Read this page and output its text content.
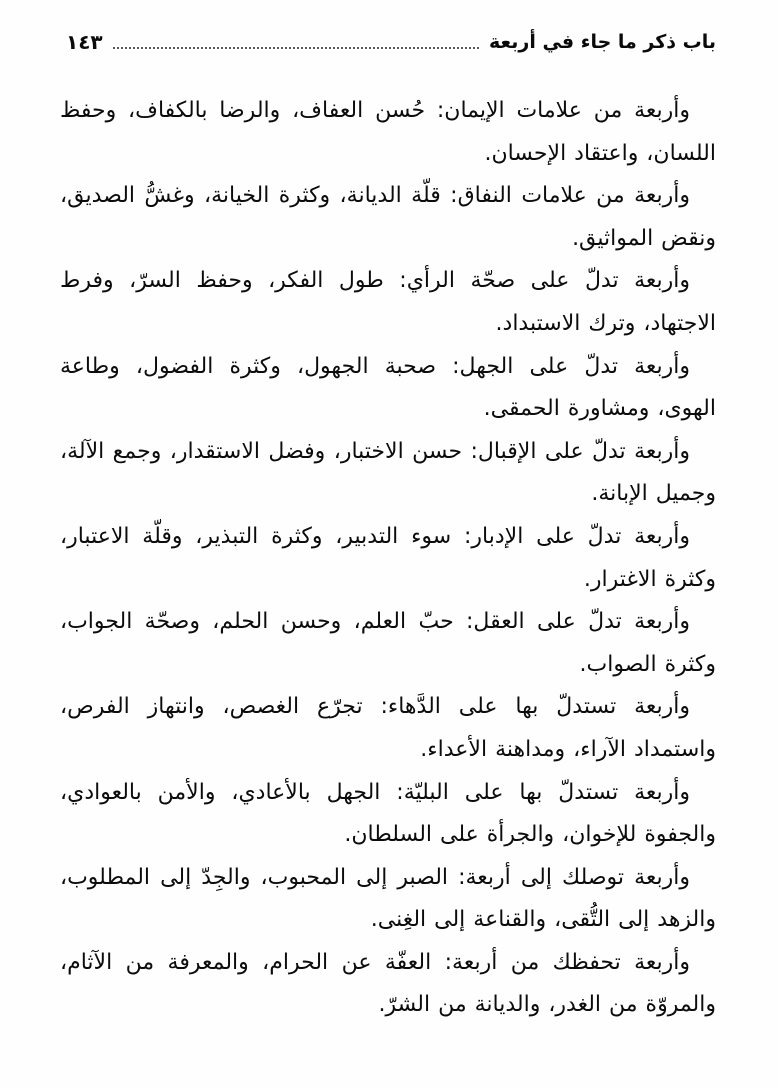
باب ذكر ما جاء في أربعة
١٤٣

وأربعة من علامات الإيمان: حُسن العفاف، والرضا بالكفاف، وحفظ اللسان، واعتقاد الإحسان.

وأربعة من علامات النفاق: قلّة الديانة، وكثرة الخيانة، وغشُّ الصديق، ونقض المواثيق.

وأربعة تدلّ على صحّة الرأي: طول الفكر، وحفظ السرّ، وفرط الاجتهاد، وترك الاستبداد.

وأربعة تدلّ على الجهل: صحبة الجهول، وكثرة الفضول، وطاعة الهوى، ومشاورة الحمقى.

وأربعة تدلّ على الإقبال: حسن الاختبار، وفضل الاستقدار، وجمع الآلة، وجميل الإبانة.

وأربعة تدلّ على الإدبار: سوء التدبير، وكثرة التبذير، وقلّة الاعتبار، وكثرة الاغترار.

وأربعة تدلّ على العقل: حبّ العلم، وحسن الحلم، وصحّة الجواب، وكثرة الصواب.

وأربعة تستدلّ بها على الدَّهاء: تجرّع الغصص، وانتهاز الفرص، واستمداد الآراء، ومداهنة الأعداء.

وأربعة تستدلّ بها على البليّة: الجهل بالأعادي، والأمن بالعوادي، والجفوة للإخوان، والجرأة على السلطان.

وأربعة توصلك إلى أربعة: الصبر إلى المحبوب، والجِدّ إلى المطلوب، والزهد إلى التُّقى، والقناعة إلى الغِنى.

وأربعة تحفظك من أربعة: العفّة عن الحرام، والمعرفة من الآثام، والمروّة من الغدر، والديانة من الشرّ.
